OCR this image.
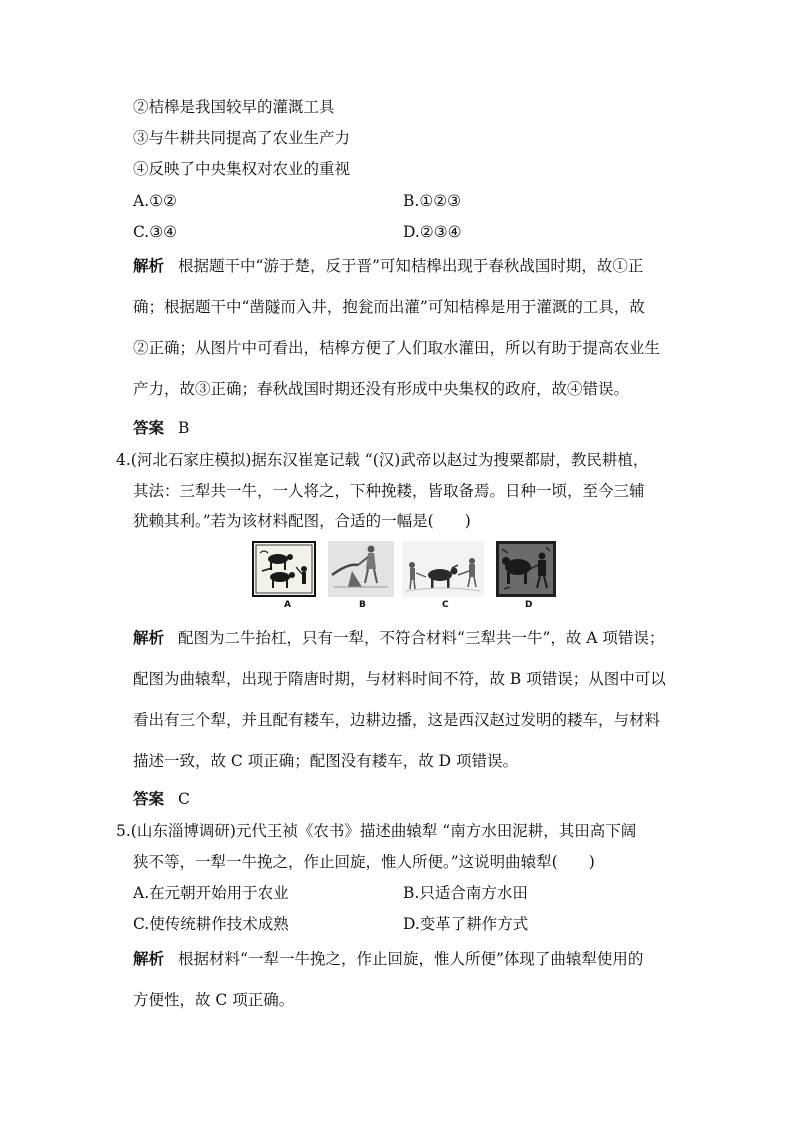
②桔槔是我国较早的灌溉工具
③与牛耕共同提高了农业生产力
④反映了中央集权对农业的重视
A.①②	B.①②③
C.③④	D.②③④
解析 根据题干中“游于楚，反于晋”可知桔槔出现于春秋战国时期，故①正
确；根据题干中“凿隧而入井，抱瓮而出灌”可知桔槔是用于灌溉的工具，故
②正确；从图片中可看出，桔槔方便了人们取水灌田，所以有助于提高农业生
产力，故③正确；春秋战国时期还没有形成中央集权的政府，故④错误。
答案 B
4.(河北石家庄模拟)据东汉崔寔记载 “(汉)武帝以赵过为搜粟都尉，教民耕植，
其法：三犁共一牛，一人将之，下种挽耧，皆取备焉。日种一顷，至今三辅
犹赖其利。”若为该材料配图，合适的一幅是(　　)
A	B	C	D
解析 配图为二牛抬杠，只有一犁，不符合材料“三犁共一牛”，故 A 项错误；
配图为曲辕犁，出现于隋唐时期，与材料时间不符，故 B 项错误；从图中可以
看出有三个犁，并且配有耧车，边耕边播，这是西汉赵过发明的耧车，与材料
描述一致，故 C 项正确；配图没有耧车，故 D 项错误。
答案 C
5.(山东淄博调研)元代王祯《农书》描述曲辕犁 “南方水田泥耕，其田高下阔
狭不等，一犁一牛挽之，作止回旋，惟人所便。”这说明曲辕犁(　　)
A.在元朝开始用于农业	B.只适合南方水田
C.使传统耕作技术成熟	D.变革了耕作方式
解析 根据材料“一犁一牛挽之，作止回旋，惟人所便”体现了曲辕犁使用的
方便性，故 C 项正确。
